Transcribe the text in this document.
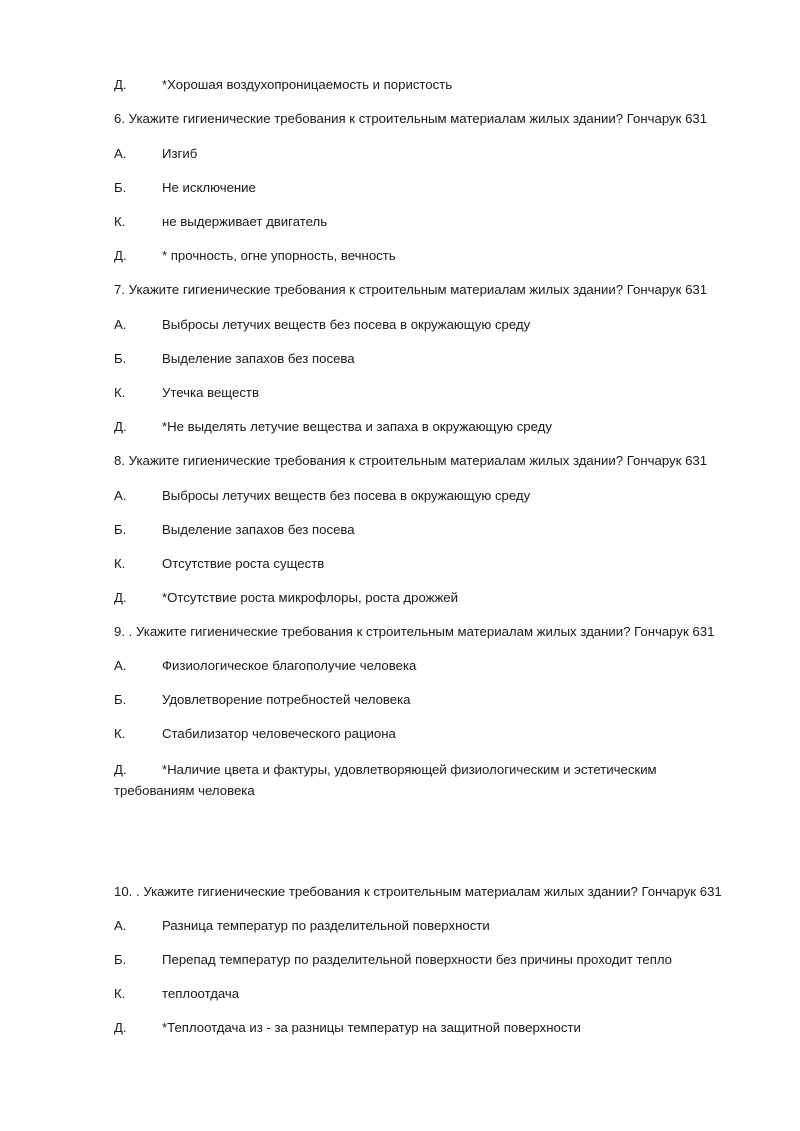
Д.	*Хорошая воздухопроницаемость и пористость
6. Укажите гигиенические требования к строительным материалам жилых здании? Гончарук 631
А.	Изгиб
Б.	Не исключение
К.	не выдерживает двигатель
Д.	* прочность, огне упорность, вечность
7. Укажите гигиенические требования к строительным материалам жилых здании? Гончарук 631
А.	Выбросы летучих веществ без посева в окружающую среду
Б.	Выделение запахов без посева
К.	Утечка веществ
Д.	*Не выделять летучие вещества и запаха в окружающую среду
8. Укажите гигиенические требования к строительным материалам жилых здании? Гончарук 631
А.	Выбросы летучих веществ без посева в окружающую среду
Б.	Выделение запахов без посева
К.	Отсутствие роста существ
Д.	*Отсутствие роста микрофлоры, роста дрожжей
9. . Укажите гигиенические требования к строительным материалам жилых здании? Гончарук 631
А.	Физиологическое благополучие человека
Б.	Удовлетворение потребностей человека
К.	Стабилизатор человеческого рациона
Д.	*Наличие цвета и фактуры, удовлетворяющей физиологическим и эстетическим требованиям человека
10. . Укажите гигиенические требования к строительным материалам жилых здании? Гончарук 631
А.	Разница температур по разделительной поверхности
Б.	Перепад температур по разделительной поверхности без причины проходит тепло
К.	теплоотдача
Д.	*Теплоотдача из - за разницы температур на защитной поверхности
